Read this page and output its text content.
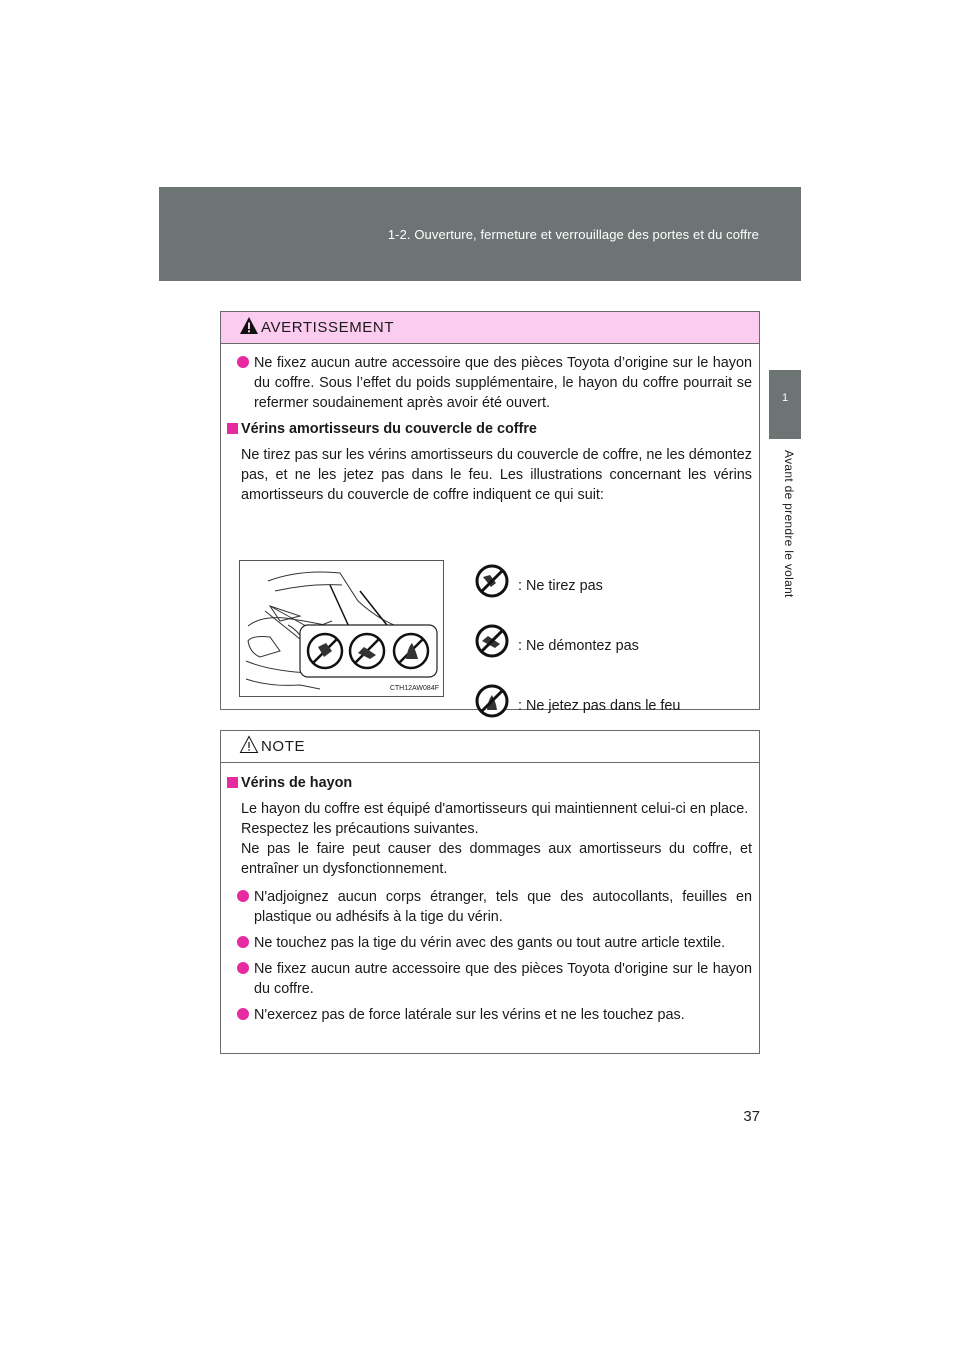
1-2. Ouverture, fermeture et verrouillage des portes et du coffre
1
Avant de prendre le volant
AVERTISSEMENT

Ne fixez aucun autre accessoire que des pièces Toyota d’origine sur le hayon du coffre. Sous l’effet du poids supplémentaire, le hayon du coffre pourrait se refermer soudainement après avoir été ouvert.

Vérins amortisseurs du couvercle de coffre

Ne tirez pas sur les vérins amortisseurs du couvercle de coffre, ne les démontez pas, et ne les jetez pas dans le feu. Les illustrations concernant les vérins amortisseurs du couvercle de coffre indiquent ce qui suit:

CTH12AW084F
: Ne tirez pas
: Ne démontez pas
: Ne jetez pas dans le feu
NOTE

Vérins de hayon

Le hayon du coffre est équipé d'amortisseurs qui maintiennent celui-ci en place.
Respectez les précautions suivantes.
Ne pas le faire peut causer des dommages aux amortisseurs du coffre, et entraîner un dysfonctionnement.

N'adjoignez aucun corps étranger, tels que des autocollants, feuilles en plastique ou adhésifs à la tige du vérin.

Ne touchez pas la tige du vérin avec des gants ou tout autre article textile.

Ne fixez aucun autre accessoire que des pièces Toyota d'origine sur le hayon du coffre.

N'exercez pas de force latérale sur les vérins et ne les touchez pas.

37
